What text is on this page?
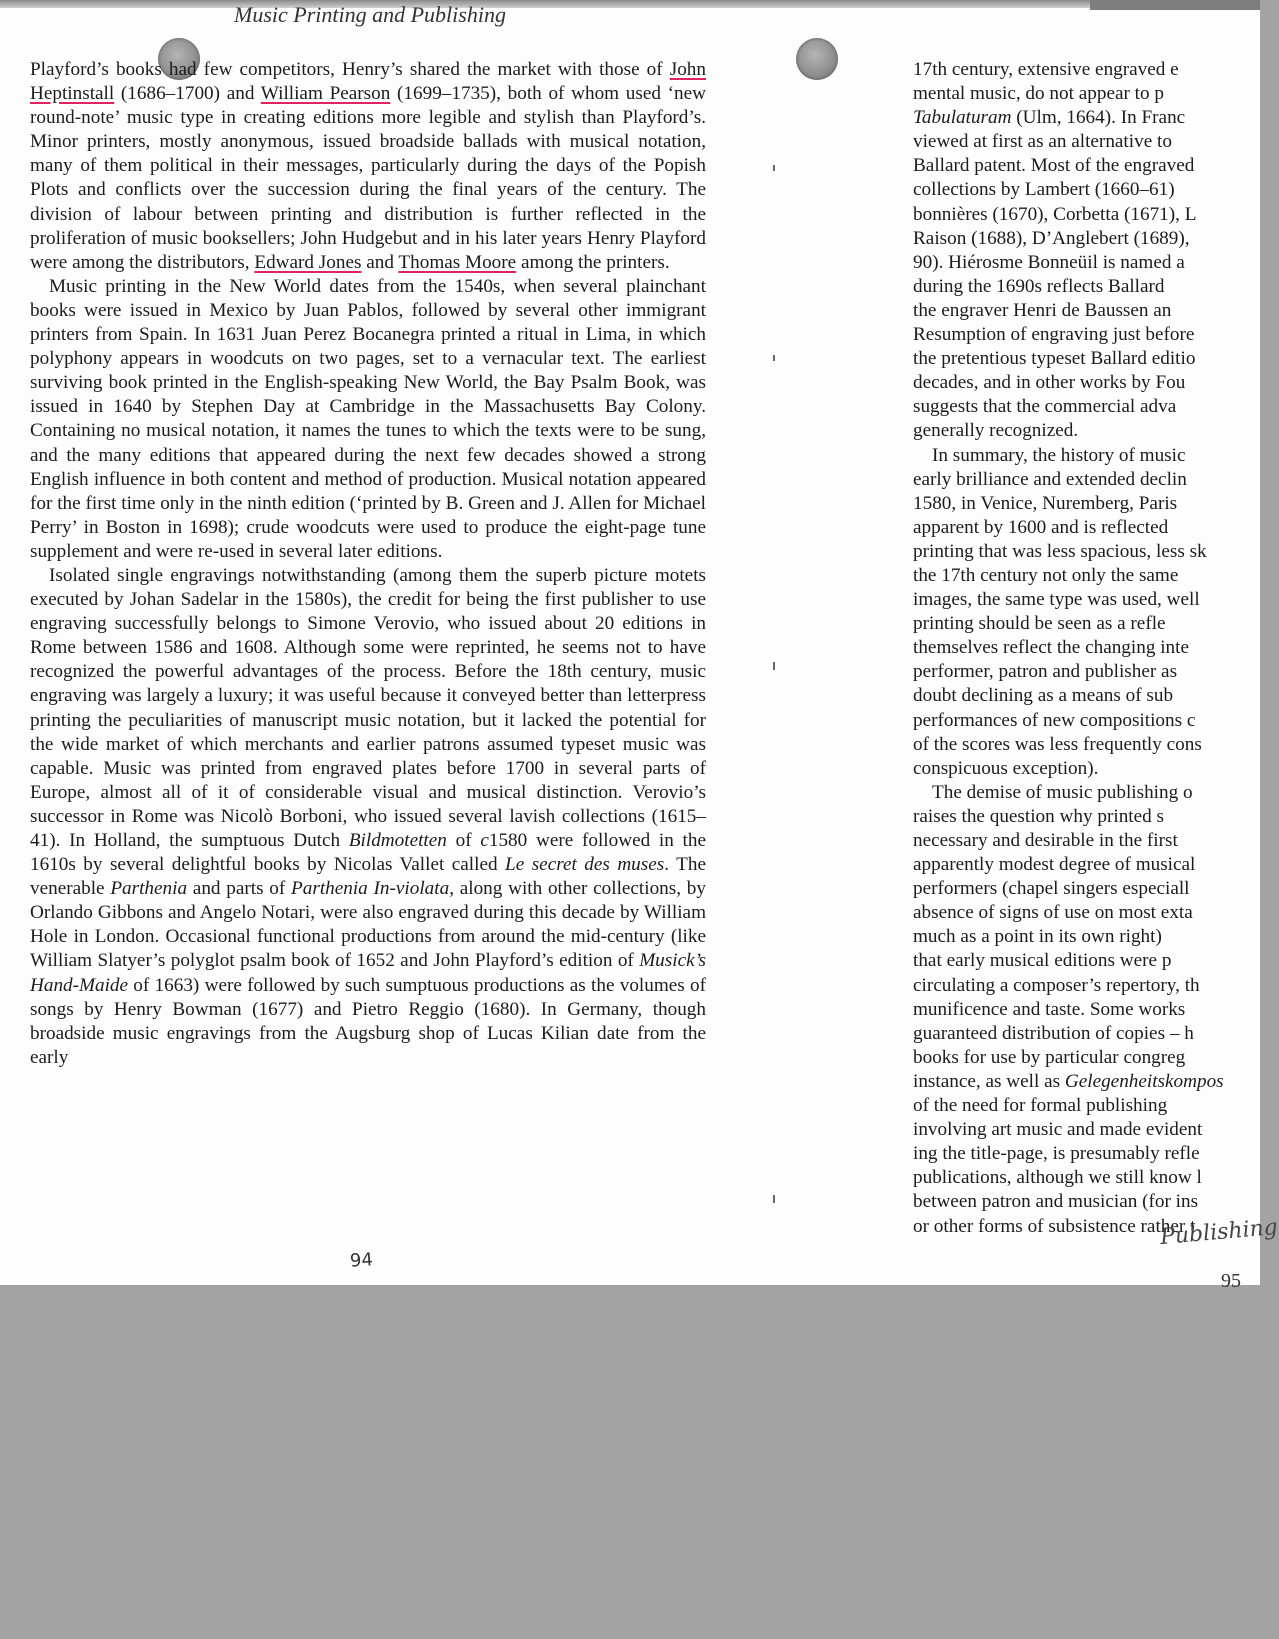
Music Printing and Publishing

Playford’s books had few competitors, Henry’s shared the market with those of John Heptinstall (1686–1700) and William Pearson (1699–1735), both of whom used ‘new round-note’ music type in creating editions more legible and stylish than Playford’s. Minor printers, mostly anonymous, issued broadside ballads with musical notation, many of them political in their messages, particularly during the days of the Popish Plots and conflicts over the succession during the final years of the century. The division of labour between printing and distribution is further reflected in the proliferation of music booksellers; John Hudgebut and in his later years Henry Playford were among the distributors, Edward Jones and Thomas Moore among the printers.

Music printing in the New World dates from the 1540s, when several plainchant books were issued in Mexico by Juan Pablos, followed by several other immigrant printers from Spain. In 1631 Juan Perez Bocanegra printed a ritual in Lima, in which polyphony appears in woodcuts on two pages, set to a vernacular text. The earliest surviving book printed in the English-speaking New World, the Bay Psalm Book, was issued in 1640 by Stephen Day at Cambridge in the Massachusetts Bay Colony. Containing no musical notation, it names the tunes to which the texts were to be sung, and the many editions that appeared during the next few decades showed a strong English influence in both content and method of production. Musical notation appeared for the first time only in the ninth edition (‘printed by B. Green and J. Allen for Michael Perry’ in Boston in 1698); crude woodcuts were used to produce the eight-page tune supplement and were re-used in several later editions.

Isolated single engravings notwithstanding (among them the superb picture motets executed by Johan Sadelar in the 1580s), the credit for being the first publisher to use engraving successfully belongs to Simone Verovio, who issued about 20 editions in Rome between 1586 and 1608. Although some were reprinted, he seems not to have recognized the powerful advantages of the process. Before the 18th century, music engraving was largely a luxury; it was useful because it conveyed better than letterpress printing the peculiarities of manuscript music notation, but it lacked the potential for the wide market of which merchants and earlier patrons assumed typeset music was capable. Music was printed from engraved plates before 1700 in several parts of Europe, almost all of it of considerable visual and musical distinction. Verovio’s successor in Rome was Nicolò Borboni, who issued several lavish collections (1615–41). In Holland, the sumptuous Dutch Bildmotetten of c1580 were followed in the 1610s by several delightful books by Nicolas Vallet called Le secret des muses. The venerable Parthenia and parts of Parthenia In-violata, along with other collections, by Orlando Gibbons and Angelo Notari, were also engraved during this decade by William Hole in London. Occasional functional productions from around the mid-century (like William Slatyer’s polyglot psalm book of 1652 and John Playford’s edition of Musick’s Hand-Maide of 1663) were followed by such sumptuous productions as the volumes of songs by Henry Bowman (1677) and Pietro Reggio (1680). In Germany, though broadside music engravings from the Augsburg shop of Lucas Kilian date from the early

17th century, extensive engraved e
mental music, do not appear to p
Tabulaturam (Ulm, 1664). In Franc
viewed at first as an alternative to
Ballard patent. Most of the engraved
collections by Lambert (1660–61)
bonnières (1670), Corbetta (1671), L
Raison (1688), D’Anglebert (1689),
90). Hiérosme Bonneüil is named a
during the 1690s reflects Ballard
the engraver Henri de Baussen an
Resumption of engraving just before
the pretentious typeset Ballard editio
decades, and in other works by Fou
suggests that the commercial adva
generally recognized.
In summary, the history of music
early brilliance and extended declin
1580, in Venice, Nuremberg, Paris
apparent by 1600 and is reflected
printing that was less spacious, less sk
the 17th century not only the same
images, the same type was used, well
printing should be seen as a refle
themselves reflect the changing inte
performer, patron and publisher as
doubt declining as a means of sub
performances of new compositions c
of the scores was less frequently cons
conspicuous exception).
The demise of music publishing o
raises the question why printed s
necessary and desirable in the first
apparently modest degree of musical
performers (chapel singers especiall
absence of signs of use on most exta
much as a point in its own right)
that early musical editions were p
circulating a composer’s repertory, th
munificence and taste. Some works
guaranteed distribution of copies – h
books for use by particular congreg
instance, as well as Gelegenheitskompos
of the need for formal publishing
involving art music and made evident
ing the title-page, is presumably refle
publications, although we still know l
between patron and musician (for ins
or other forms of subsistence rather t
94
Publishing
95
